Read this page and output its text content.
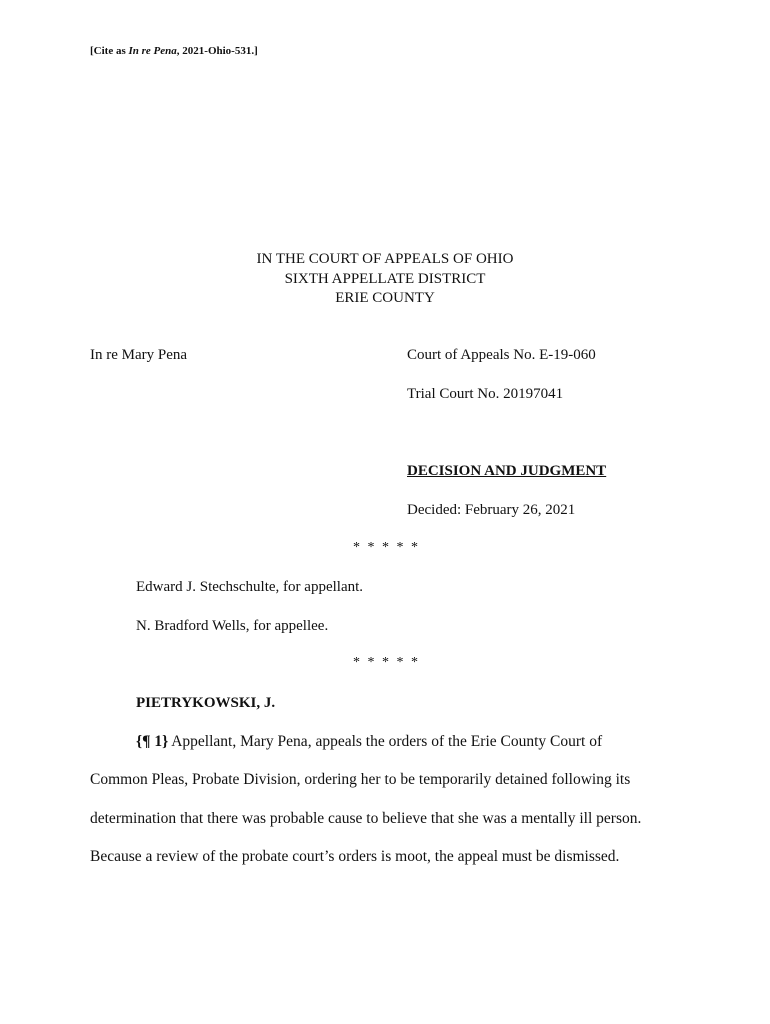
[Cite as In re Pena, 2021-Ohio-531.]
IN THE COURT OF APPEALS OF OHIO
SIXTH APPELLATE DISTRICT
ERIE COUNTY
In re Mary Pena	Court of Appeals No. E-19-060
Trial Court No. 20197041
DECISION AND JUDGMENT
Decided: February 26, 2021
* * * * *
Edward J. Stechschulte, for appellant.
N. Bradford Wells, for appellee.
* * * * *
PIETRYKOWSKI, J.
{¶ 1} Appellant, Mary Pena, appeals the orders of the Erie County Court of
Common Pleas, Probate Division, ordering her to be temporarily detained following its
determination that there was probable cause to believe that she was a mentally ill person.
Because a review of the probate court’s orders is moot, the appeal must be dismissed.
